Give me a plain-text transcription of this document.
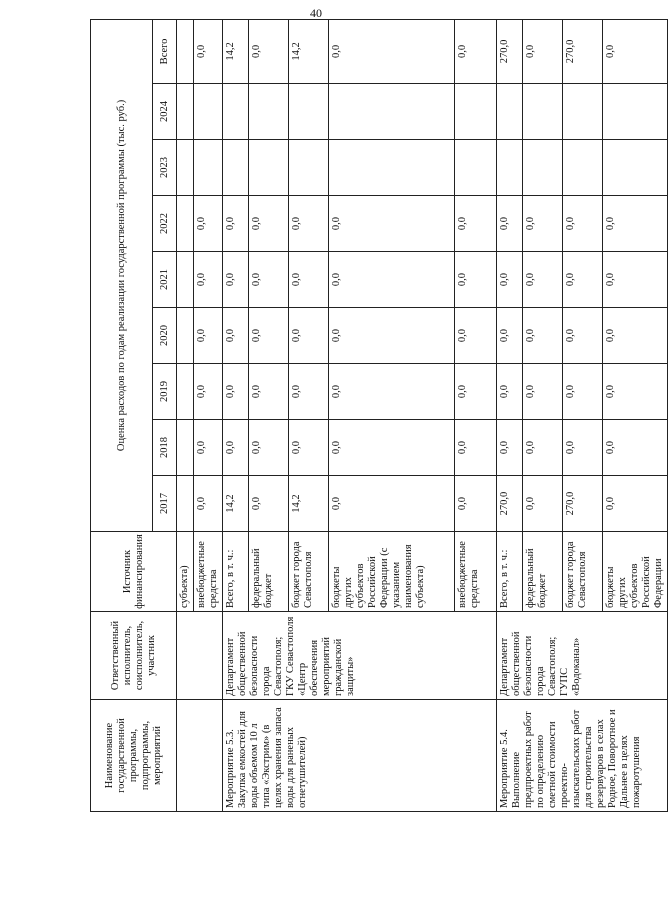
40
Наименование государственной программы, подпрограммы, мероприятий	Ответственный исполнитель, соисполнитель, участник	Источник финансирования	Оценка расходов по годам реализации государственной программы (тыс. руб.)								
			2017	2018	2019	2020	2021	2022	2023	2024	Всего
		субъекта)									
		внебюджетные средства	0,0	0,0	0,0	0,0	0,0	0,0			0,0
Мероприятие 5.3. Закупка емкостей для воды объемом 10 л типа «Экстрим» (в целях хранения запаса воды для раненых огнетушителей)	Департамент общественной безопасности города Севастополя; ГКУ Севастополя «Центр обеспечения мероприятий гражданской защиты»	Всего, в т. ч.:	14,2	0,0	0,0	0,0	0,0	0,0			14,2
		федеральный бюджет	0,0	0,0	0,0	0,0	0,0	0,0			0,0
		бюджет города Севастополя	14,2	0,0	0,0	0,0	0,0	0,0			14,2
		бюджеты других субъектов Российской Федерации (с указанием наименования субъекта)	0,0	0,0	0,0	0,0	0,0	0,0			0,0
		внебюджетные средства	0,0	0,0	0,0	0,0	0,0	0,0			0,0
Мероприятие 5.4. Выполнение предпроектных работ по определению сметной стоимости проектно-изыскательских работ для строительства резервуаров в селах Родное, Поворотное и Дальнее в целях пожаротушения	Департамент общественной безопасности города Севастополя; ГУПС «Водоканал»	Всего, в т. ч.:	270,0	0,0	0,0	0,0	0,0	0,0			270,0
		федеральный бюджет	0,0	0,0	0,0	0,0	0,0	0,0			0,0
		бюджет города Севастополя	270,0	0,0	0,0	0,0	0,0	0,0			270,0
		бюджеты других субъектов Российской Федерации	0,0	0,0	0,0	0,0	0,0	0,0			0,0
